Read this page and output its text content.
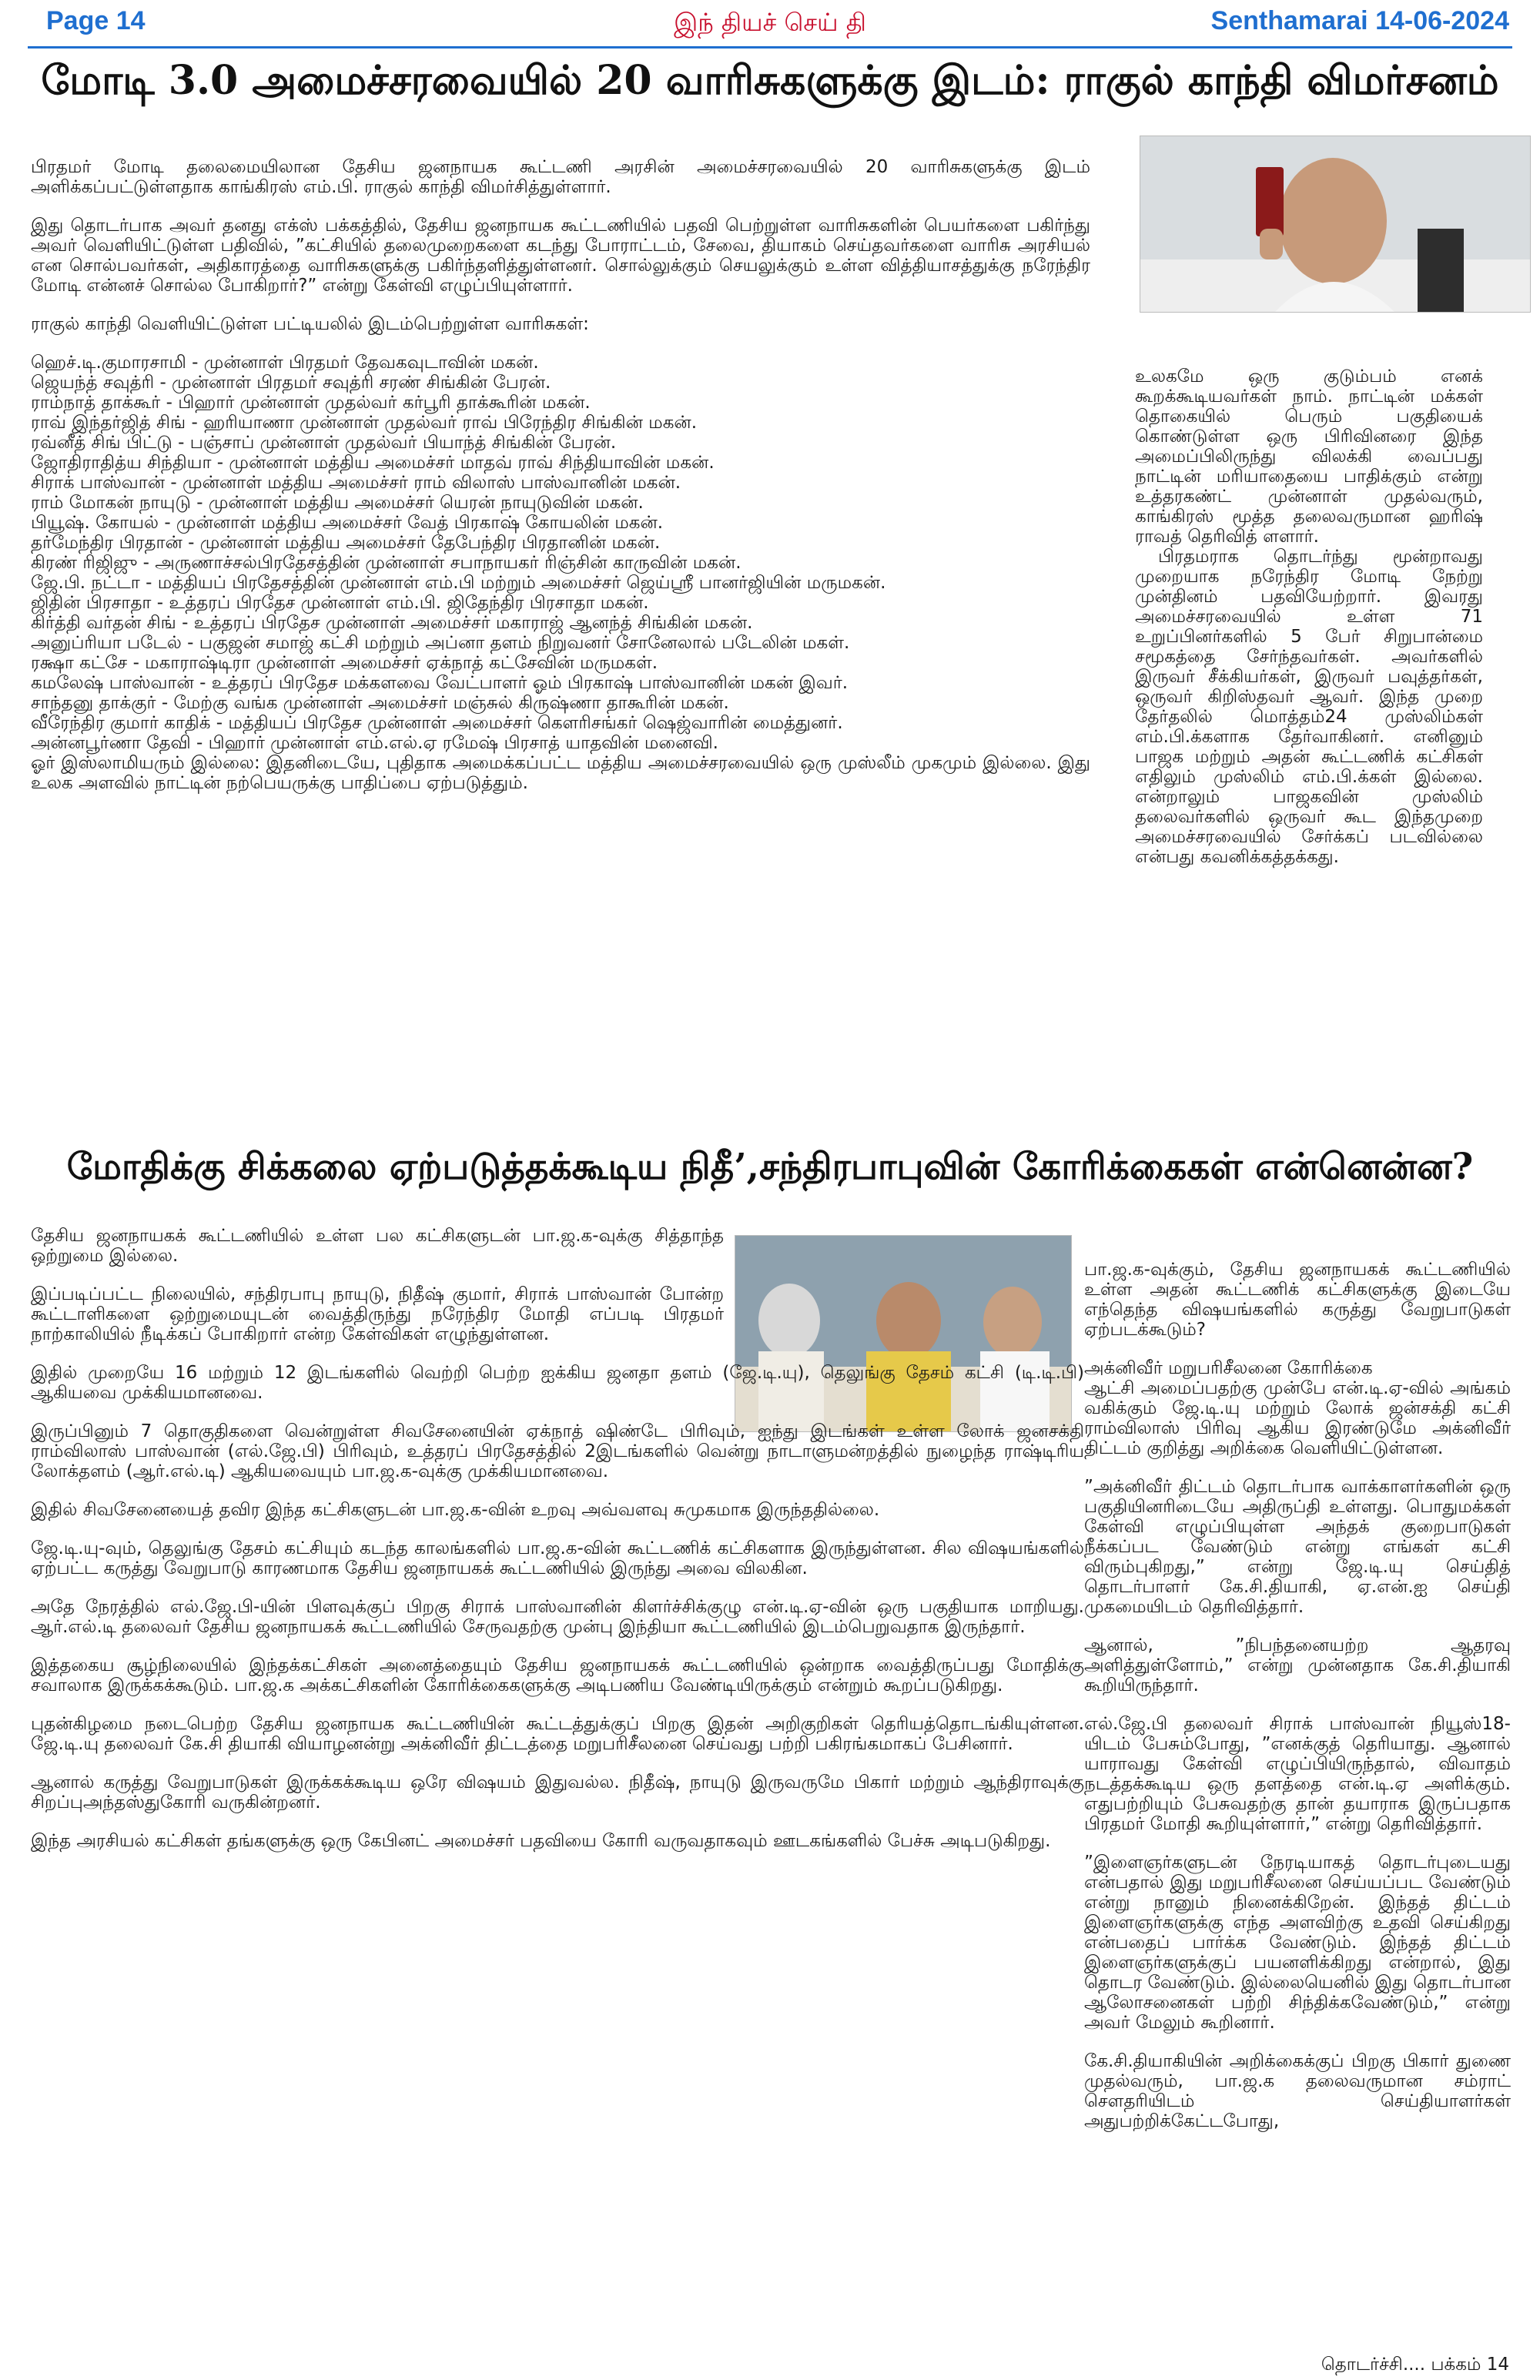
Page 14	இந் தியச் செய் தி	Senthamarai 14-06-2024
மோடி 3.0 அமைச்சரவையில் 20 வாரிசுகளுக்கு இடம்: ராகுல் காந்தி விமர்சனம்

பிரதமர் மோடி தலைமையிலான தேசிய ஜனநாயக கூட்டணி அரசின் அமைச்சரவையில் 20 வாரிசுகளுக்கு இடம் அளிக்கப்பட்டுள்ளதாக காங்கிரஸ் எம்.பி. ராகுல் காந்தி விமர்சித்துள்ளார்.

இது தொடர்பாக அவர் தனது எக்ஸ் பக்கத்தில், தேசிய ஜனநாயக கூட்டணியில் பதவி பெற்றுள்ள வாரிசுகளின் பெயர்களை பகிர்ந்து அவர் வெளியிட்டுள்ள பதிவில், ”கட்சியில் தலைமுறைகளை கடந்து போராட்டம், சேவை, தியாகம் செய்தவர்களை வாரிசு அரசியல் என சொல்பவர்கள், அதிகாரத்தை வாரிசுகளுக்கு பகிர்ந்தளித்துள்ளனர். சொல்லுக்கும் செயலுக்கும் உள்ள வித்தியாசத்துக்கு நரேந்திர மோடி என்னச் சொல்ல போகிறார்?” என்று கேள்வி எழுப்பியுள்ளார்.

ராகுல் காந்தி வெளியிட்டுள்ள பட்டியலில் இடம்பெற்றுள்ள வாரிசுகள்:

ஹெச்.டி.குமாரசாமி - முன்னாள் பிரதமர் தேவகவுடாவின் மகன்.

ஜெயந்த் சவுத்ரி - முன்னாள் பிரதமர் சவுத்ரி சரண் சிங்கின் பேரன்.

ராம்நாத் தாக்கூர் - பிஹார் முன்னாள் முதல்வர் கர்பூரி தாக்கூரின் மகன்.

ராவ் இந்தர்ஜித் சிங் - ஹரியாணா முன்னாள் முதல்வர் ராவ் பிரேந்திர சிங்கின் மகன்.

ரவ்னீத் சிங் பிட்டு - பஞ்சாப் முன்னாள் முதல்வர் பியாந்த் சிங்கின் பேரன்.

ஜோதிராதித்ய சிந்தியா - முன்னாள் மத்திய அமைச்சர் மாதவ் ராவ் சிந்தியாவின் மகன்.

சிராக் பாஸ்வான் - முன்னாள் மத்திய அமைச்சர் ராம் விலாஸ் பாஸ்வானின் மகன்.

ராம் மோகன் நாயுடு - முன்னாள் மத்திய அமைச்சர் யெரன் நாயுடுவின் மகன்.

பியூஷ். கோயல் - முன்னாள் மத்திய அமைச்சர் வேத் பிரகாஷ் கோயலின் மகன்.

தர்மேந்திர பிரதான் - முன்னாள் மத்திய அமைச்சர் தேபேந்திர பிரதானின் மகன்.

கிரண் ரிஜிஜு - அருணாச்சல்பிரதேசத்தின் முன்னாள் சபாநாயகர் ரிஞ்சின் காருவின் மகன்.

ஜே.பி. நட்டா - மத்தியப் பிரதேசத்தின் முன்னாள் எம்.பி மற்றும் அமைச்சர் ஜெய்ஸ்ரீ பானர்ஜியின் மருமகன்.

ஜிதின் பிரசாதா - உத்தரப் பிரதேச முன்னாள் எம்.பி. ஜிதேந்திர பிரசாதா மகன்.

கிர்த்தி வர்தன் சிங் - உத்தரப் பிரதேச முன்னாள் அமைச்சர் மகாராஜ் ஆனந்த் சிங்கின் மகன்.

அனுப்ரியா படேல் - பகுஜன் சமாஜ் கட்சி மற்றும் அப்னா தளம் நிறுவனர் சோனேலால் படேலின் மகள்.

ரக்ஷா கட்சே - மகாராஷ்டிரா முன்னாள் அமைச்சர் ஏக்நாத் கட்சேவின் மருமகள்.

கமலேஷ் பாஸ்வான் - உத்தரப் பிரதேச மக்களவை வேட்பாளர் ஓம் பிரகாஷ் பாஸ்வானின் மகன் இவர்.

சாந்தனு தாக்குர் - மேற்கு வங்க முன்னாள் அமைச்சர் மஞ்சுல் கிருஷ்ணா தாகூரின் மகன்.

வீரேந்திர குமார் காதிக் - மத்தியப் பிரதேச முன்னாள் அமைச்சர் கௌரிசங்கர் ஷெஜ்வாரின் மைத்துனர்.

அன்னபூர்ணா தேவி - பிஹார் முன்னாள் எம்.எல்.ஏ ரமேஷ் பிரசாத் யாதவின் மனைவி.

ஓர் இஸ்லாமியரும் இல்லை: இதனிடையே, புதிதாக அமைக்கப்பட்ட மத்திய அமைச்சரவையில் ஒரு முஸ்லீம் முகமும் இல்லை. இது உலக அளவில் நாட்டின் நற்பெயருக்கு பாதிப்பை ஏற்படுத்தும்.

உலகமே ஒரு குடும்பம் எனக் கூறக்கூடியவர்கள் நாம். நாட்டின் மக்கள் தொகையில் பெரும் பகுதியைக் கொண்டுள்ள ஒரு பிரிவினரை இந்த அமைப்பிலிருந்து விலக்கி வைப்பது நாட்டின் மரியாதையை பாதிக்கும் என்று உத்தரகண்ட் முன்னாள் முதல்வரும், காங்கிரஸ் மூத்த தலைவருமான ஹரிஷ் ராவத் தெரிவித் ளளார்.

பிரதமராக தொடர்ந்து மூன்றாவது முறையாக நரேந்திர மோடி நேற்று முன்தினம் பதவியேற்றார். இவரது அமைச்சரவையில் உள்ள 71 உறுப்பினர்களில் 5 பேர் சிறுபான்மை சமூகத்தை சேர்ந்தவர்கள். அவர்களில் இருவர் சீக்கியர்கள், இருவர் பவுத்தர்கள், ஒருவர் கிறிஸ்தவர் ஆவர். இந்த முறை தேர்தலில் மொத்தம்24 முஸ்லிம்கள் எம்.பி.க்களாக தேர்வாகினர். எனினும் பாஜக மற்றும் அதன் கூட்டணிக் கட்சிகள் எதிலும் முஸ்லிம் எம்.பி.க்கள் இல்லை. என்றாலும் பாஜகவின் முஸ்லிம் தலைவர்களில் ஒருவர் கூட இந்தமுறை அமைச்சரவையில் சேர்க்கப் படவில்லை என்பது கவனிக்கத்தக்கது.

மோதிக்கு சிக்கலை ஏற்படுத்தக்கூடிய நிதீ’,சந்திரபாபுவின் கோரிக்கைகள் என்னென்ன?

தேசிய ஜனநாயகக் கூட்டணியில் உள்ள பல கட்சிகளுடன் பா.ஜ.க-வுக்கு சித்தாந்த ஒற்றுமை இல்லை.

இப்படிப்பட்ட நிலையில், சந்திரபாபு நாயுடு, நிதீஷ் குமார், சிராக் பாஸ்வான் போன்ற கூட்டாளிகளை ஒற்றுமையுடன் வைத்திருந்து நரேந்திர மோதி எப்படி பிரதமர் நாற்காலியில் நீடிக்கப் போகிறார் என்ற கேள்விகள் எழுந்துள்ளன.

இதில் முறையே 16 மற்றும் 12 இடங்களில் வெற்றி பெற்ற ஐக்கிய ஜனதா தளம் (ஜே.டி.யு), தெலுங்கு தேசம் கட்சி (டி.டி.பி) ஆகியவை முக்கியமானவை.

இருப்பினும் 7 தொகுதிகளை வென்றுள்ள சிவசேனையின் ஏக்நாத் ஷிண்டே பிரிவும், ஐந்து இடங்கள் உள்ள லோக் ஜனசக்தி ராம்விலாஸ் பாஸ்வான் (எல்.ஜே.பி) பிரிவும், உத்தரப் பிரதேசத்தில் 2இடங்களில் வென்று நாடாளுமன்றத்தில் நுழைந்த ராஷ்டிரிய லோக்தளம் (ஆர்.எல்.டி) ஆகியவையும் பா.ஜ.க-வுக்கு முக்கியமானவை.

இதில் சிவசேனையைத் தவிர இந்த கட்சிகளுடன் பா.ஜ.க-வின் உறவு அவ்வளவு சுமுகமாக இருந்ததில்லை.

ஜே.டி.யு-வும், தெலுங்கு தேசம் கட்சியும் கடந்த காலங்களில் பா.ஜ.க-வின் கூட்டணிக் கட்சிகளாக இருந்துள்ளன. சில விஷயங்களில் ஏற்பட்ட கருத்து வேறுபாடு காரணமாக தேசிய ஜனநாயகக் கூட்டணியில் இருந்து அவை விலகின.

அதே நேரத்தில் எல்.ஜே.பி-யின் பிளவுக்குப் பிறகு சிராக் பாஸ்வானின் கிளர்ச்சிக்குழு என்.டி.ஏ-வின் ஒரு பகுதியாக மாறியது. ஆர்.எல்.டி தலைவர் தேசிய ஜனநாயகக் கூட்டணியில் சேருவதற்கு முன்பு இந்தியா கூட்டணியில் இடம்பெறுவதாக இருந்தார்.

இத்தகைய சூழ்நிலையில் இந்தக்கட்சிகள் அனைத்தையும் தேசிய ஜனநாயகக் கூட்டணியில் ஒன்றாக வைத்திருப்பது மோதிக்கு சவாலாக இருக்கக்கூடும். பா.ஜ.க அக்கட்சிகளின் கோரிக்கைகளுக்கு அடிபணிய வேண்டியிருக்கும் என்றும் கூறப்படுகிறது.

புதன்கிழமை நடைபெற்ற தேசிய ஜனநாயக கூட்டணியின் கூட்டத்துக்குப் பிறகு இதன் அறிகுறிகள் தெரியத்தொடங்கியுள்ளன. ஜே.டி.யு தலைவர் கே.சி தியாகி வியாழனன்று அக்னிவீர் திட்டத்தை மறுபரிசீலனை செய்வது பற்றி பகிரங்கமாகப் பேசினார்.

ஆனால் கருத்து வேறுபாடுகள் இருக்கக்கூடிய ஒரே விஷயம் இதுவல்ல. நிதீஷ், நாயுடு இருவருமே பிகார் மற்றும் ஆந்திராவுக்கு சிறப்புஅந்தஸ்துகோரி வருகின்றனர்.

இந்த அரசியல் கட்சிகள் தங்களுக்கு ஒரு கேபினட் அமைச்சர் பதவியை கோரி வருவதாகவும் ஊடகங்களில் பேச்சு அடிபடுகிறது.

பா.ஜ.க-வுக்கும், தேசிய ஜனநாயகக் கூட்டணியில் உள்ள அதன் கூட்டணிக் கட்சிகளுக்கு இடையே எந்தெந்த விஷயங்களில் கருத்து வேறுபாடுகள் ஏற்படக்கூடும்?

அக்னிவீர் மறுபரிசீலனை கோரிக்கை

ஆட்சி அமைப்பதற்கு முன்பே என்.டி.ஏ-வில் அங்கம் வகிக்கும் ஜே.டி.யு மற்றும் லோக் ஜன்சக்தி கட்சி ராம்விலாஸ் பிரிவு ஆகிய இரண்டுமே அக்னிவீர் திட்டம் குறித்து அறிக்கை வெளியிட்டுள்ளன.

”அக்னிவீர் திட்டம் தொடர்பாக வாக்காளர்களின் ஒரு பகுதியினரிடையே அதிருப்தி உள்ளது. பொதுமக்கள் கேள்வி எழுப்பியுள்ள அந்தக் குறைபாடுகள் நீக்கப்பட வேண்டும் என்று எங்கள் கட்சி விரும்புகிறது,” என்று ஜே.டி.யு செய்தித் தொடர்பாளர் கே.சி.தியாகி, ஏ.என்.ஐ செய்தி முகமையிடம் தெரிவித்தார்.

ஆனால், ”நிபந்தனையற்ற ஆதரவு அளித்துள்ளோம்,” என்று முன்னதாக கே.சி.தியாகி கூறியிருந்தார்.

எல்.ஜே.பி தலைவர் சிராக் பாஸ்வான் நியூஸ்18-யிடம் பேசும்போது, ”எனக்குத் தெரியாது. ஆனால் யாராவது கேள்வி எழுப்பியிருந்தால், விவாதம் நடத்தக்கூடிய ஒரு தளத்தை என்.டி.ஏ அளிக்கும். எதுபற்றியும் பேசுவதற்கு தான் தயாராக இருப்பதாக பிரதமர் மோதி கூறியுள்ளார்,” என்று தெரிவித்தார்.

”இளைஞர்களுடன் நேரடியாகத் தொடர்புடையது என்பதால் இது மறுபரிசீலனை செய்யப்பட வேண்டும் என்று நானும் நினைக்கிறேன். இந்தத் திட்டம் இளைஞர்களுக்கு எந்த அளவிற்கு உதவி செய்கிறது என்பதைப் பார்க்க வேண்டும். இந்தத் திட்டம் இளைஞர்களுக்குப் பயனளிக்கிறது என்றால், இது தொடர வேண்டும். இல்லையெனில் இது தொடர்பான ஆலோசனைகள் பற்றி சிந்திக்கவேண்டும்,” என்று அவர் மேலும் கூறினார்.

கே.சி.தியாகியின் அறிக்கைக்குப் பிறகு பிகார் துணை முதல்வரும், பா.ஜ.க தலைவருமான சம்ராட் சௌதரியிடம் செய்தியாளர்கள் அதுபற்றிக்கேட்டபோது,

தொடர்ச்சி.... பக்கம் 14
